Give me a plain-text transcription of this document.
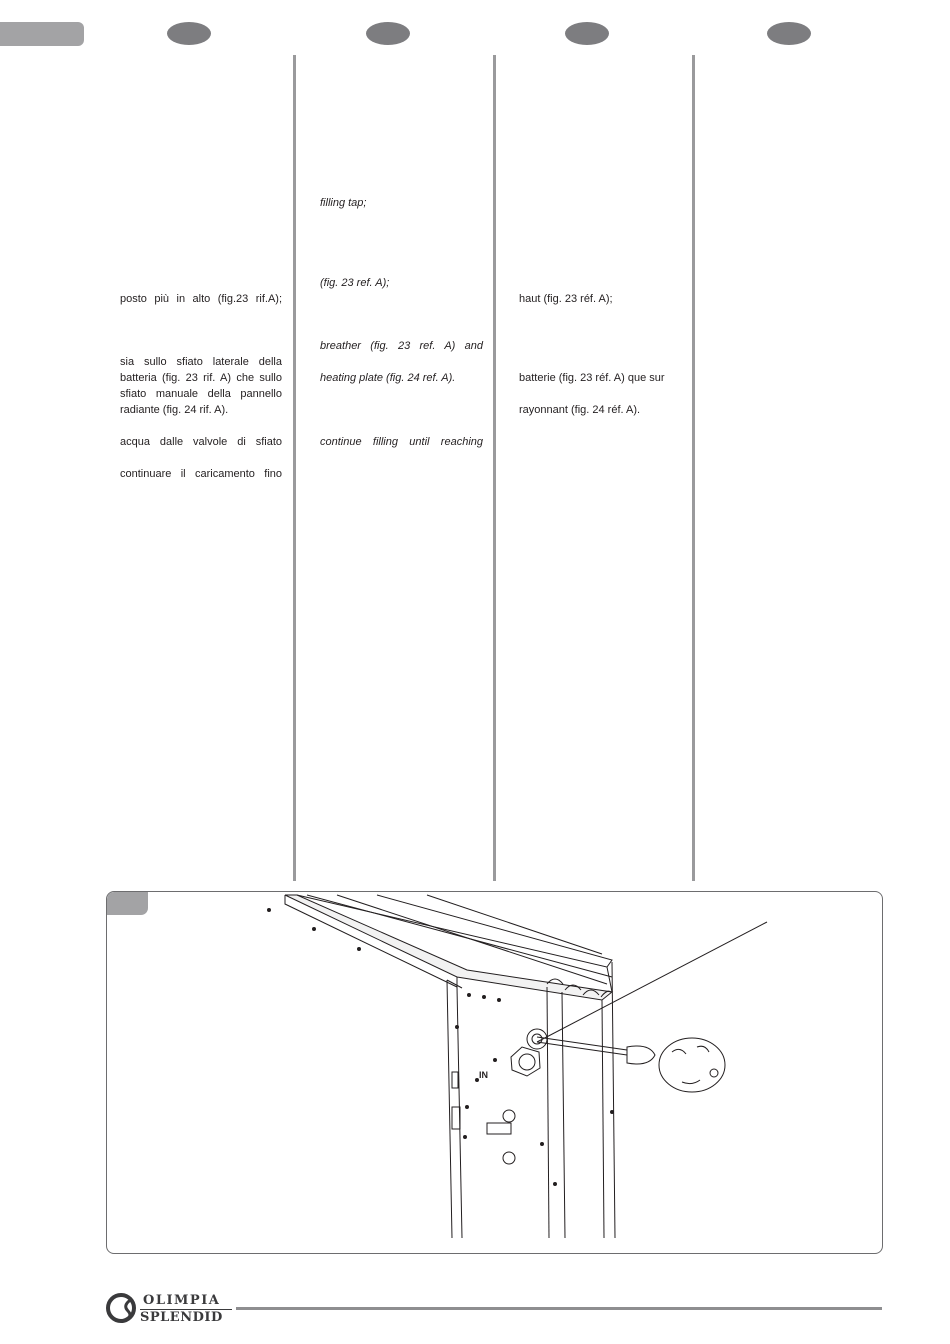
posto più in alto (fig.23 rif.A);

sia sullo sfiato laterale della

batteria (fig. 23 rif. A) che sullo

sfiato manuale della pannello

radiante (fig. 24 rif. A).

acqua dalle valvole di sfiato

continuare il caricamento fino

filling tap;

(fig. 23 ref. A);

breather (fig. 23 ref. A) and

heating plate (fig. 24 ref. A).

continue filling until reaching

haut (fig. 23 réf. A);

batterie (fig. 23 réf. A) que sur

rayonnant (fig. 24 réf. A).

IN

OLIMPIA

SPLENDID
